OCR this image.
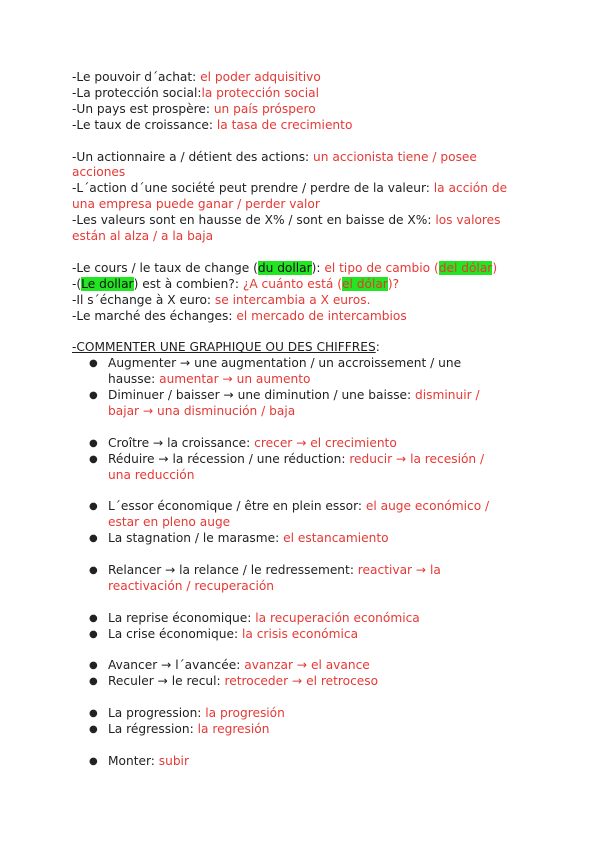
-Le pouvoir d´achat: el poder adquisitivo
-La protección social:la protección social
-Un pays est prospère: un país próspero
-Le taux de croissance: la tasa de crecimiento
-Un actionnaire a / détient des actions: un accionista tiene / posee
acciones
-L´action d´une société peut prendre / perdre de la valeur: la acción de
una empresa puede ganar / perder valor
-Les valeurs sont en hausse de X% / sont en baisse de X%: los valores
están al alza / a la baja
-Le cours / le taux de change (du dollar): el tipo de cambio (del dólar)
-(Le dollar) est à combien?: ¿A cuánto está (el dólar)?
-Il s´échange à X euro: se intercambia a X euros.
-Le marché des échanges: el mercado de intercambios
-COMMENTER UNE GRAPHIQUE OU DES CHIFFRES:
● Augmenter → une augmentation / un accroissement / une
hausse: aumentar → un aumento
● Diminuer / baisser → une diminution / une baisse: disminuir /
bajar → una disminución / baja
● Croître → la croissance: crecer → el crecimiento
● Réduire → la récession / une réduction: reducir → la recesión /
una reducción
● L´essor économique / être en plein essor: el auge económico /
estar en pleno auge
● La stagnation / le marasme: el estancamiento
● Relancer → la relance / le redressement: reactivar → la
reactivación / recuperación
● La reprise économique: la recuperación económica
● La crise économique: la crisis económica
● Avancer → l´avancée: avanzar → el avance
● Reculer → le recul: retroceder → el retroceso
● La progression: la progresión
● La régression: la regresión
● Monter: subir
